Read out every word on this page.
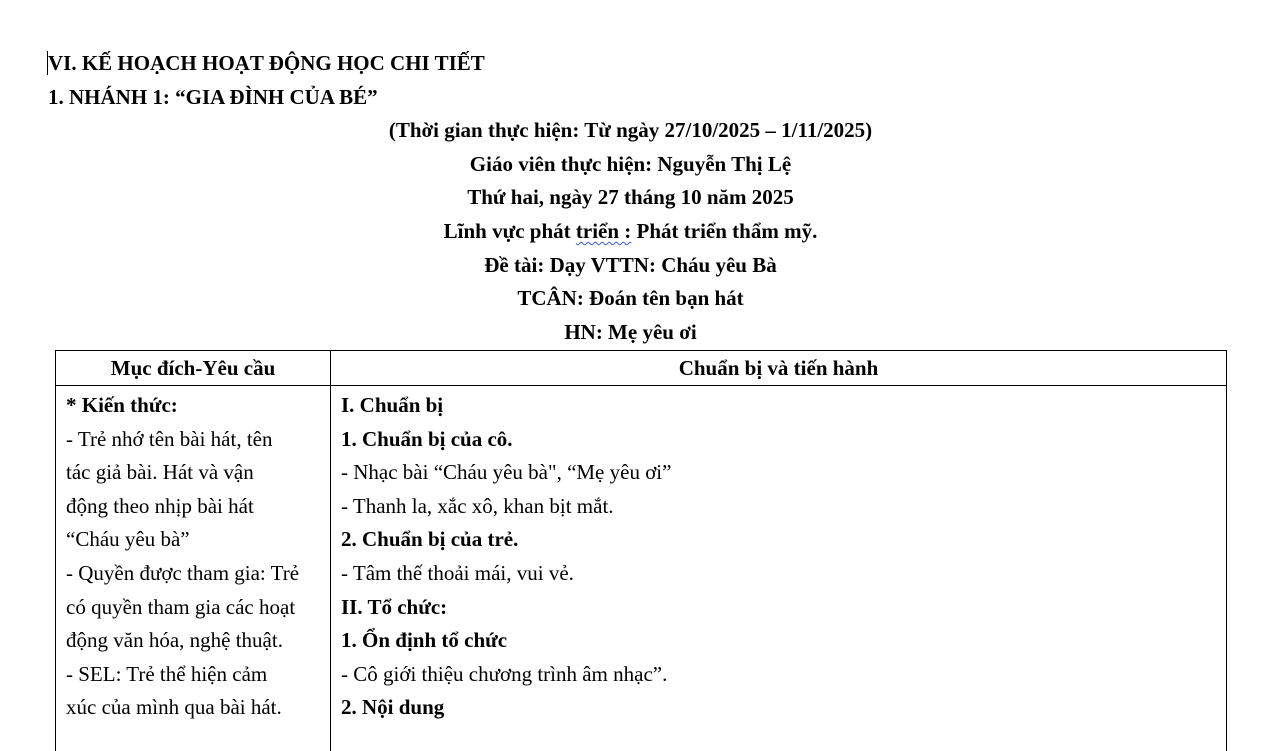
VI. KẾ HOẠCH HOẠT ĐỘNG HỌC CHI TIẾT
1. NHÁNH 1: “GIA ĐÌNH CỦA BÉ”
(Thời gian thực hiện: Từ ngày 27/10/2025 – 1/11/2025)
Giáo viên thực hiện: Nguyễn Thị Lệ
Thứ hai, ngày 27 tháng 10 năm 2025
Lĩnh vực phát triển : Phát triển thẩm mỹ.
Đề tài: Dạy VTTN: Cháu yêu Bà
TCÂN: Đoán tên bạn hát
HN: Mẹ yêu ơi
Mục đích-Yêu cầu	Chuẩn bị và tiến hành
* Kiến thức:
- Trẻ nhớ tên bài hát, tên
tác giả bài. Hát và vận
động theo nhịp bài hát
“Cháu yêu bà”
- Quyền được tham gia: Trẻ
có quyền tham gia các hoạt
động văn hóa, nghệ thuật.
- SEL: Trẻ thể hiện cảm
xúc của mình qua bài hát.
I. Chuẩn bị
1. Chuẩn bị của cô.
- Nhạc bài “Cháu yêu bà", “Mẹ yêu ơi”
- Thanh la, xắc xô, khan bịt mắt.
2. Chuẩn bị của trẻ.
- Tâm thế thoải mái, vui vẻ.
II. Tổ chức:
1. Ổn định tổ chức
- Cô giới thiệu chương trình âm nhạc”.
2. Nội dung
